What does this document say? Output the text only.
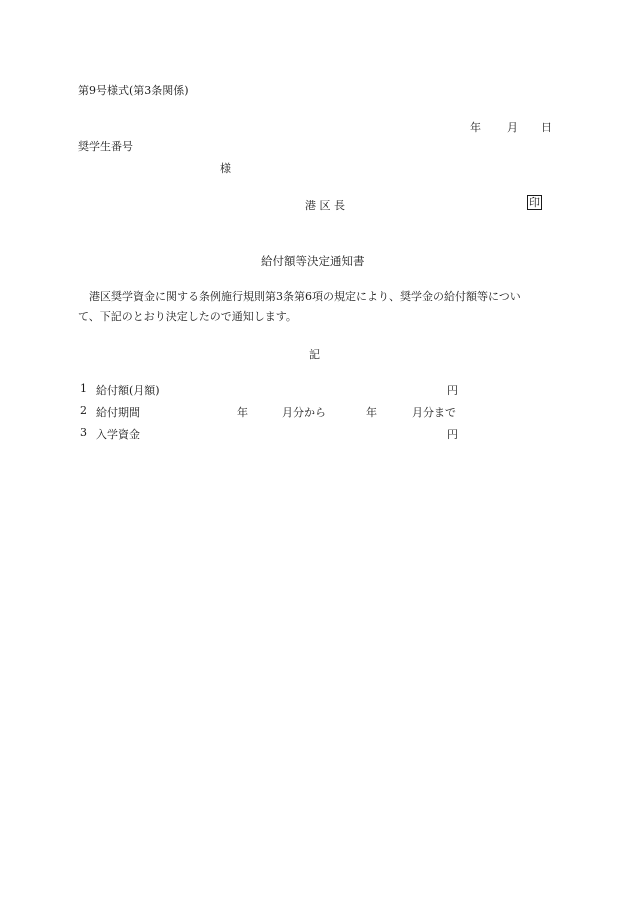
第9号様式(第3条関係)
年 月 日
奨学生番号
様
港 区 長	印
給付額等決定通知書
港区奨学資金に関する条例施行規則第3条第6項の規定により、奨学金の給付額等につい
て、下記のとおり決定したので通知します。
記
1 給付額(月額)	円
2 給付期間	年	月分から	年	月分まで
3 入学資金	円
